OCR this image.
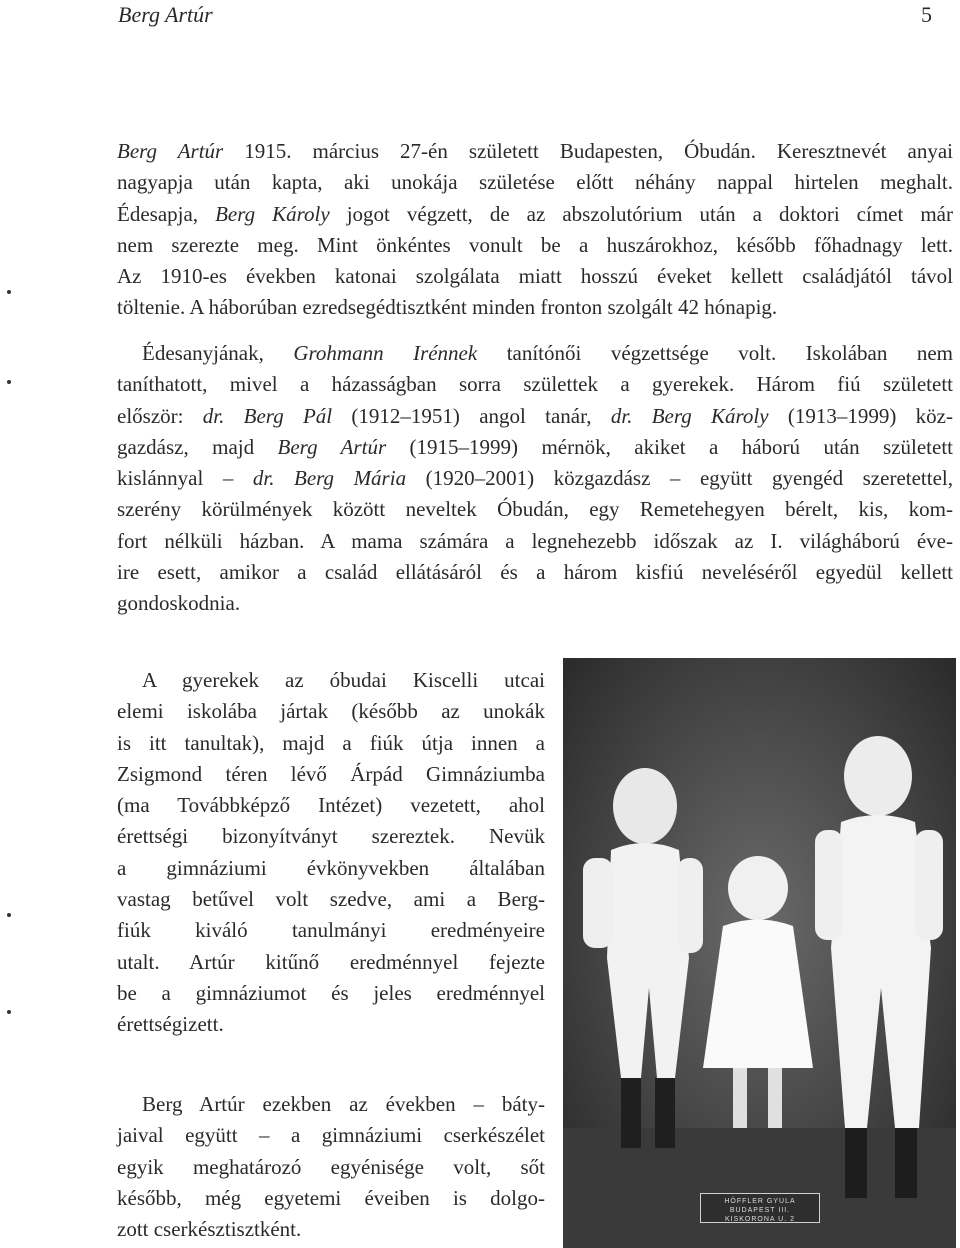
Berg Artúr	5

Berg Artúr 1915. március 27-én született Budapesten, Óbudán. Keresztnevét anyai
nagyapja után kapta, aki unokája születése előtt néhány nappal hirtelen meghalt.
Édesapja, Berg Károly jogot végzett, de az abszolutórium után a doktori címet már
nem szerezte meg. Mint önkéntes vonult be a huszárokhoz, később főhadnagy lett.
Az 1910-es években katonai szolgálata miatt hosszú éveket kellett családjától távol
töltenie. A háborúban ezredsegédtisztként minden fronton szolgált 42 hónapig.

Édesanyjának, Grohmann Irénnek tanítónői végzettsége volt. Iskolában nem
taníthatott, mivel a házasságban sorra születtek a gyerekek. Három fiú született
először: dr. Berg Pál (1912–1951) angol tanár, dr. Berg Károly (1913–1999) köz-
gazdász, majd Berg Artúr (1915–1999) mérnök, akiket a háború után született
kislánnyal – dr. Berg Mária (1920–2001) közgazdász – együtt gyengéd szeretettel,
szerény körülmények között neveltek Óbudán, egy Remetehegyen bérelt, kis, kom-
fort nélküli házban. A mama számára a legnehezebb időszak az I. világháború éve-
ire esett, amikor a család ellátásáról és a három kisfiú neveléséről egyedül kellett
gondoskodnia.

A gyerekek az óbudai Kiscelli utcai
elemi iskolába jártak (később az unokák
is itt tanultak), majd a fiúk útja innen a
Zsigmond téren lévő Árpád Gimnáziumba
(ma Továbbképző Intézet) vezetett, ahol
érettségi bizonyítványt szereztek. Nevük
a gimnáziumi évkönyvekben általában
vastag betűvel volt szedve, ami a Berg-
fiúk kiváló tanulmányi eredményeire
utalt. Artúr kitűnő eredménnyel fejezte
be a gimnáziumot és jeles eredménnyel
érettségizett.

Berg Artúr ezekben az években – báty-
jaival együtt – a gimnáziumi cserkészélet
egyik meghatározó egyénisége volt, sőt
később, még egyetemi éveiben is dolgo-
zott cserkésztisztként.

HÖFFLER GYULA
BUDAPEST III.
KISKORONA U. 2
